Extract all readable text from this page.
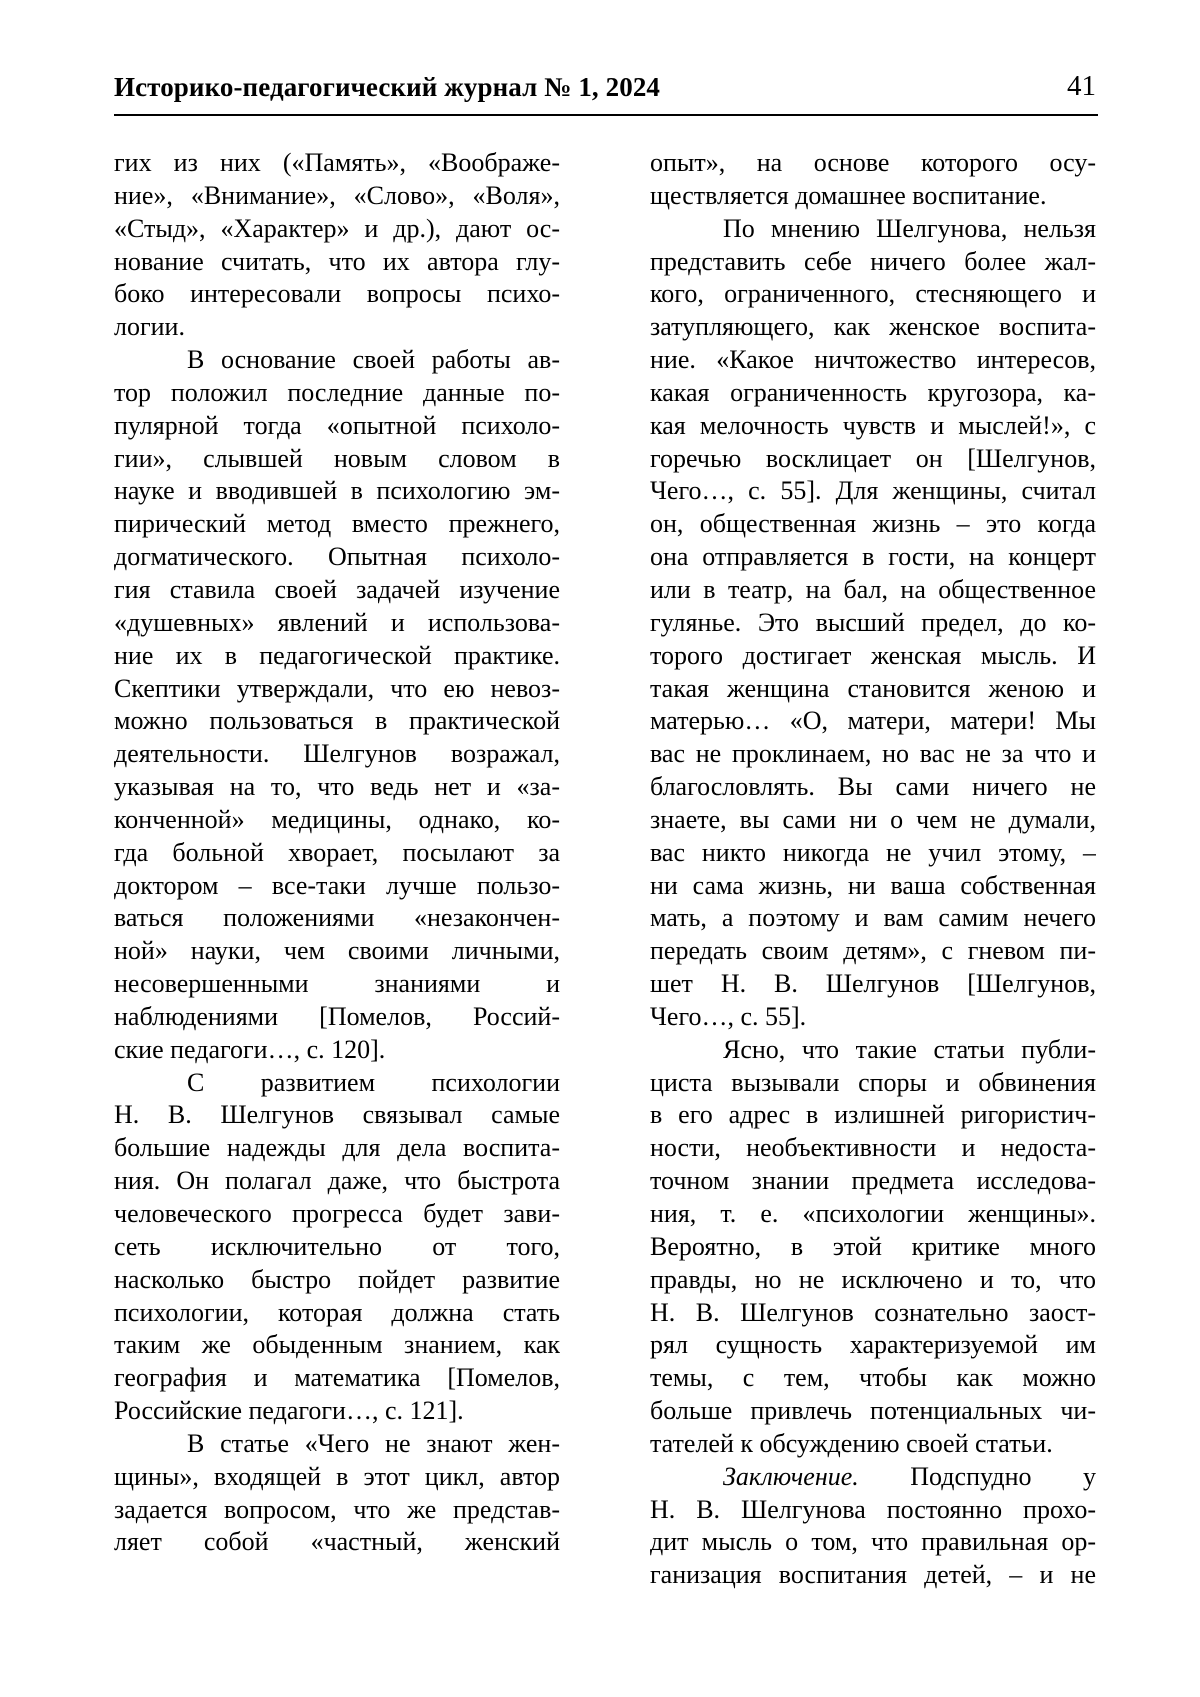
Историко-педагогический журнал № 1, 2024	41
гих из них («Память», «Воображе-
ние», «Внимание», «Слово», «Воля»,
«Стыд», «Характер» и др.), дают ос-
нование считать, что их автора глу-
боко интересовали вопросы психо-
логии.
В основание своей работы ав-
тор положил последние данные по-
пулярной тогда «опытной психоло-
гии», слывшей новым словом в
науке и вводившей в психологию эм-
пирический метод вместо прежнего,
догматического. Опытная психоло-
гия ставила своей задачей изучение
«душевных» явлений и использова-
ние их в педагогической практике.
Скептики утверждали, что ею невоз-
можно пользоваться в практической
деятельности. Шелгунов возражал,
указывая на то, что ведь нет и «за-
конченной» медицины, однако, ко-
гда больной хворает, посылают за
доктором – все-таки лучше пользо-
ваться положениями «незакончен-
ной» науки, чем своими личными,
несовершенными знаниями и
наблюдениями [Помелов, Россий-
ские педагоги…, с. 120].
С развитием психологии
Н. В. Шелгунов связывал самые
большие надежды для дела воспита-
ния. Он полагал даже, что быстрота
человеческого прогресса будет зави-
сеть исключительно от того,
насколько быстро пойдет развитие
психологии, которая должна стать
таким же обыденным знанием, как
география и математика [Помелов,
Российские педагоги…, с. 121].
В статье «Чего не знают жен-
щины», входящей в этот цикл, автор
задается вопросом, что же представ-
ляет собой «частный, женский
опыт», на основе которого осу-
ществляется домашнее воспитание.
По мнению Шелгунова, нельзя
представить себе ничего более жал-
кого, ограниченного, стесняющего и
затупляющего, как женское воспита-
ние. «Какое ничтожество интересов,
какая ограниченность кругозора, ка-
кая мелочность чувств и мыслей!», с
горечью восклицает он [Шелгунов,
Чего…, с. 55]. Для женщины, считал
он, общественная жизнь – это когда
она отправляется в гости, на концерт
или в театр, на бал, на общественное
гулянье. Это высший предел, до ко-
торого достигает женская мысль. И
такая женщина становится женою и
матерью… «О, матери, матери! Мы
вас не проклинаем, но вас не за что и
благословлять. Вы сами ничего не
знаете, вы сами ни о чем не думали,
вас никто никогда не учил этому, –
ни сама жизнь, ни ваша собственная
мать, а поэтому и вам самим нечего
передать своим детям», с гневом пи-
шет Н. В. Шелгунов [Шелгунов,
Чего…, с. 55].
Ясно, что такие статьи публи-
циста вызывали споры и обвинения
в его адрес в излишней ригористич-
ности, необъективности и недоста-
точном знании предмета исследова-
ния, т. е. «психологии женщины».
Вероятно, в этой критике много
правды, но не исключено и то, что
Н. В. Шелгунов сознательно заост-
рял сущность характеризуемой им
темы, с тем, чтобы как можно
больше привлечь потенциальных чи-
тателей к обсуждению своей статьи.
Заключение. Подспудно у
Н. В. Шелгунова постоянно прохо-
дит мысль о том, что правильная ор-
ганизация воспитания детей, – и не
